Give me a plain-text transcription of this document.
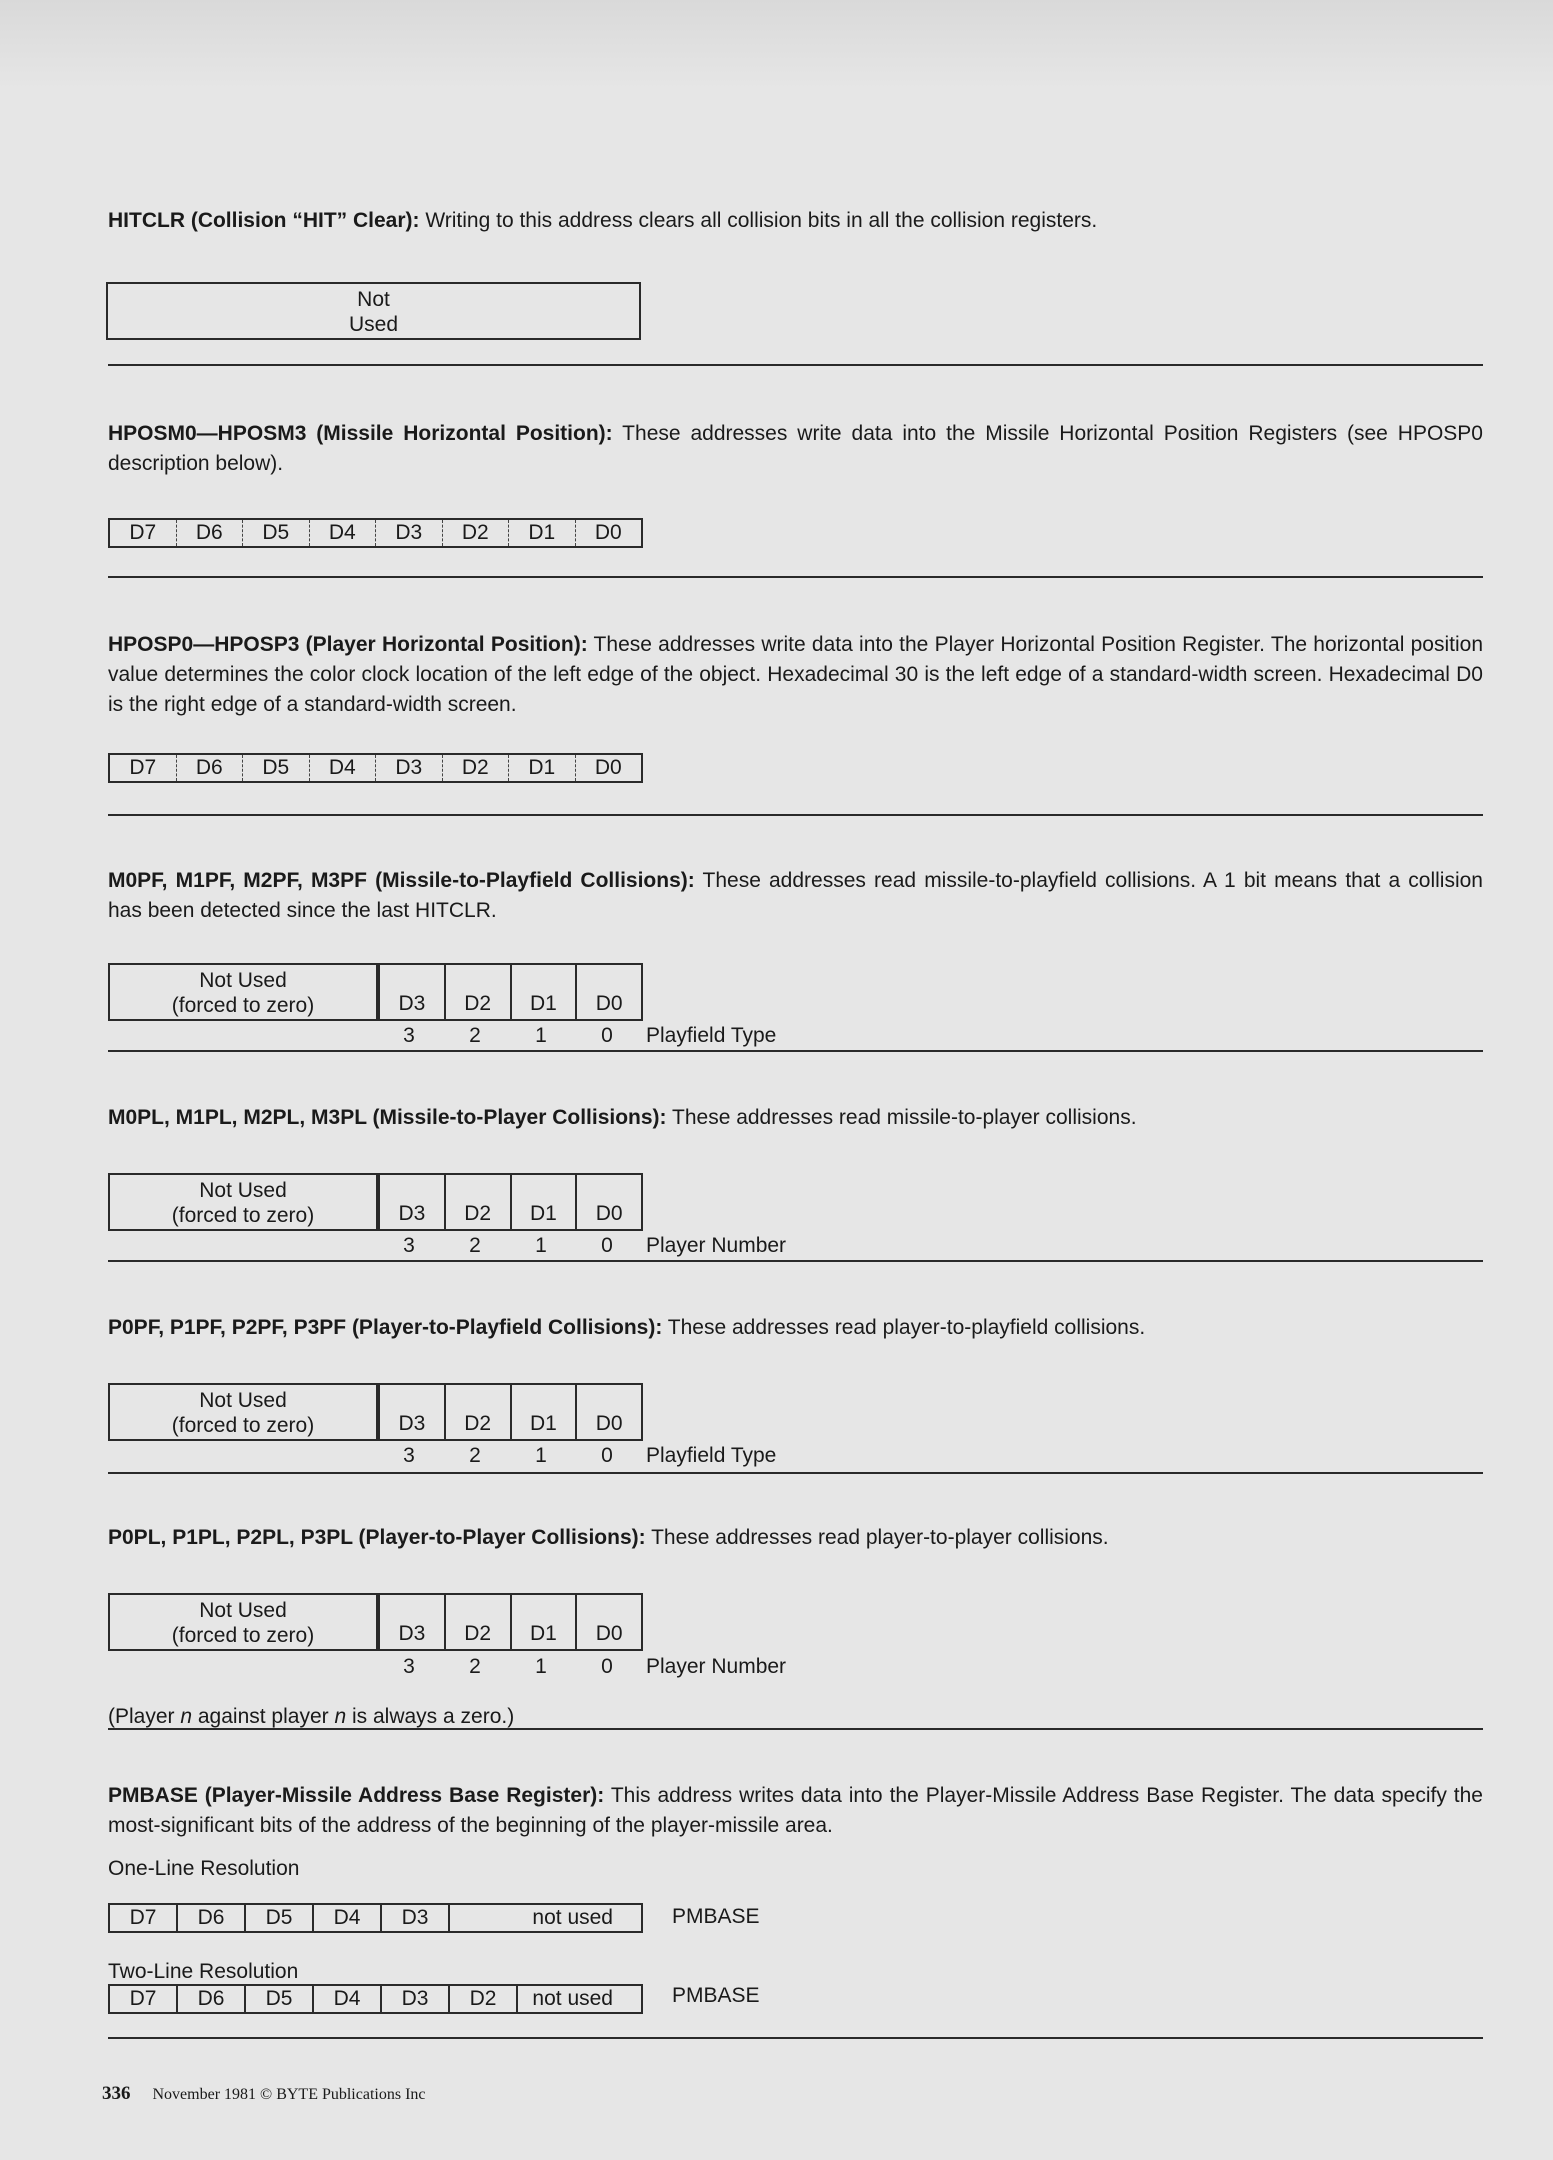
HITCLR (Collision “HIT” Clear): Writing to this address clears all collision bits in all the collision registers.

Not
Used

HPOSM0—HPOSM3 (Missile Horizontal Position): These addresses write data into the Missile Horizontal Position Registers (see HPOSP0 description below).

D7	D6	D5	D4	D3	D2	D1	D0

HPOSP0—HPOSP3 (Player Horizontal Position): These addresses write data into the Player Horizontal Position Register. The horizontal position value determines the color clock location of the left edge of the object. Hexadecimal 30 is the left edge of a standard-width screen. Hexadecimal D0 is the right edge of a standard-width screen.

D7	D6	D5	D4	D3	D2	D1	D0

M0PF, M1PF, M2PF, M3PF (Missile-to-Playfield Collisions): These addresses read missile-to-playfield collisions. A 1 bit means that a collision has been detected since the last HITCLR.

Not Used
(forced to zero)	D3	D2	D1	D0
3	2	1	0	Playfield Type

M0PL, M1PL, M2PL, M3PL (Missile-to-Player Collisions): These addresses read missile-to-player collisions.

Not Used
(forced to zero)	D3	D2	D1	D0
3	2	1	0	Player Number

P0PF, P1PF, P2PF, P3PF (Player-to-Playfield Collisions): These addresses read player-to-playfield collisions.

Not Used
(forced to zero)	D3	D2	D1	D0
3	2	1	0	Playfield Type

P0PL, P1PL, P2PL, P3PL (Player-to-Player Collisions): These addresses read player-to-player collisions.

Not Used
(forced to zero)	D3	D2	D1	D0
3	2	1	0	Player Number
(Player n against player n is always a zero.)

PMBASE (Player-Missile Address Base Register): This address writes data into the Player-Missile Address Base Register. The data specify the most-significant bits of the address of the beginning of the player-missile area.

One-Line Resolution
D7	D6	D5	D4	D3	not used	PMBASE
Two-Line Resolution
D7	D6	D5	D4	D3	D2	not used	PMBASE
336 November 1981 © BYTE Publications Inc
